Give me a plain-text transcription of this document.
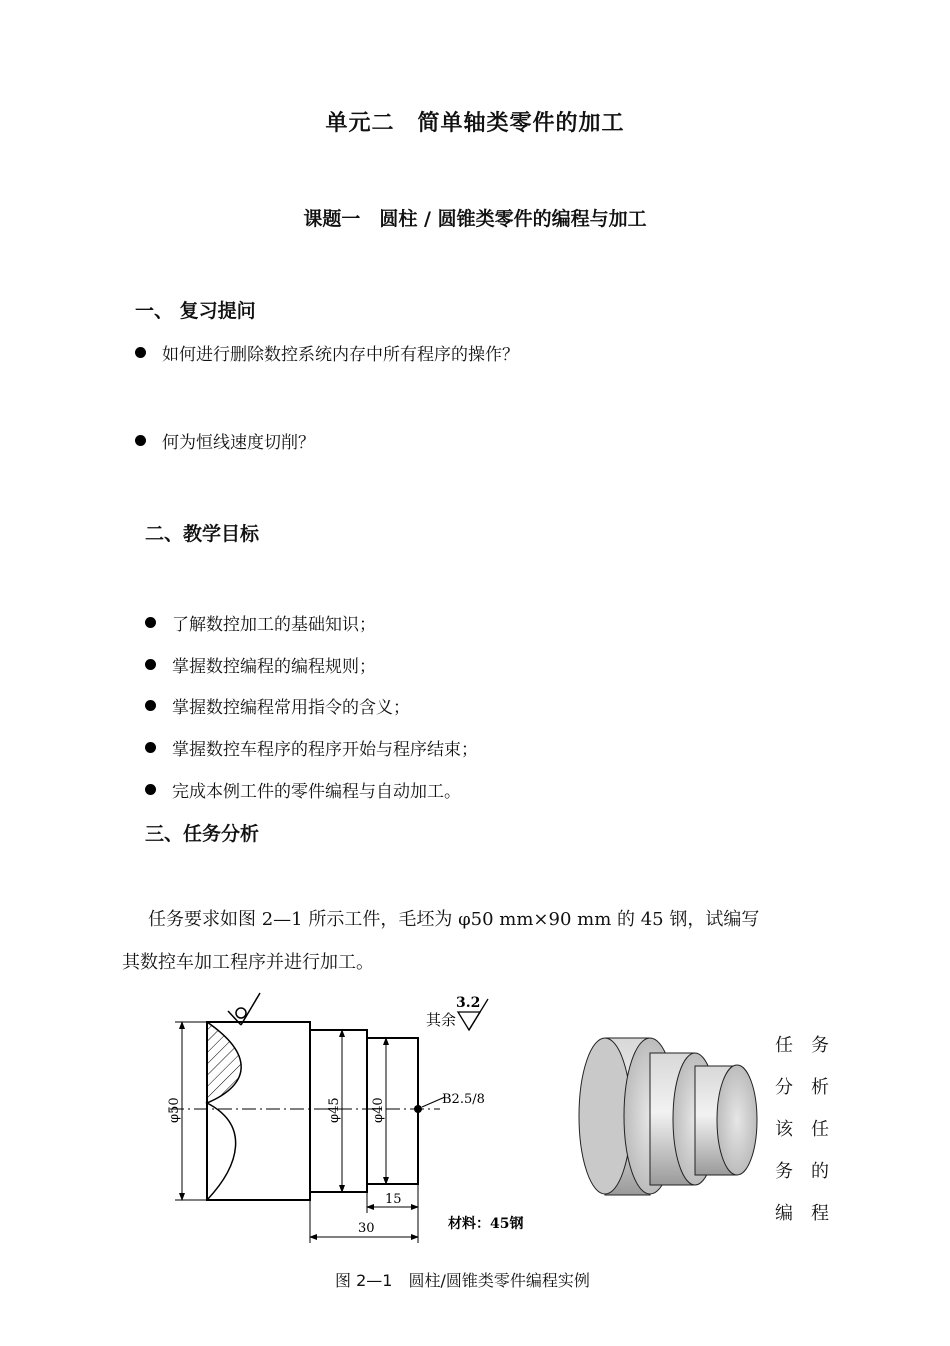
单元二　简单轴类零件的加工
课题一　圆柱 / 圆锥类零件的编程与加工
一、 复习提问
如何进行删除数控系统内存中所有程序的操作？
何为恒线速度切削？
二、教学目标
了解数控加工的基础知识；
掌握数控编程的编程规则；
掌握数控编程常用指令的含义；
掌握数控车程序的程序开始与程序结束；
完成本例工件的零件编程与自动加工。
三、任务分析
任务要求如图 2—1 所示工件，毛坯为 φ50 mm×90 mm 的 45 钢，试编写
其数控车加工程序并进行加工。
B2.5/8
φ50	φ45 φ40
15
30
其余
3.2
材料：45钢
任
分
该
务
编
务
析
任
的
程
图 2—1　圆柱/圆锥类零件编程实例
